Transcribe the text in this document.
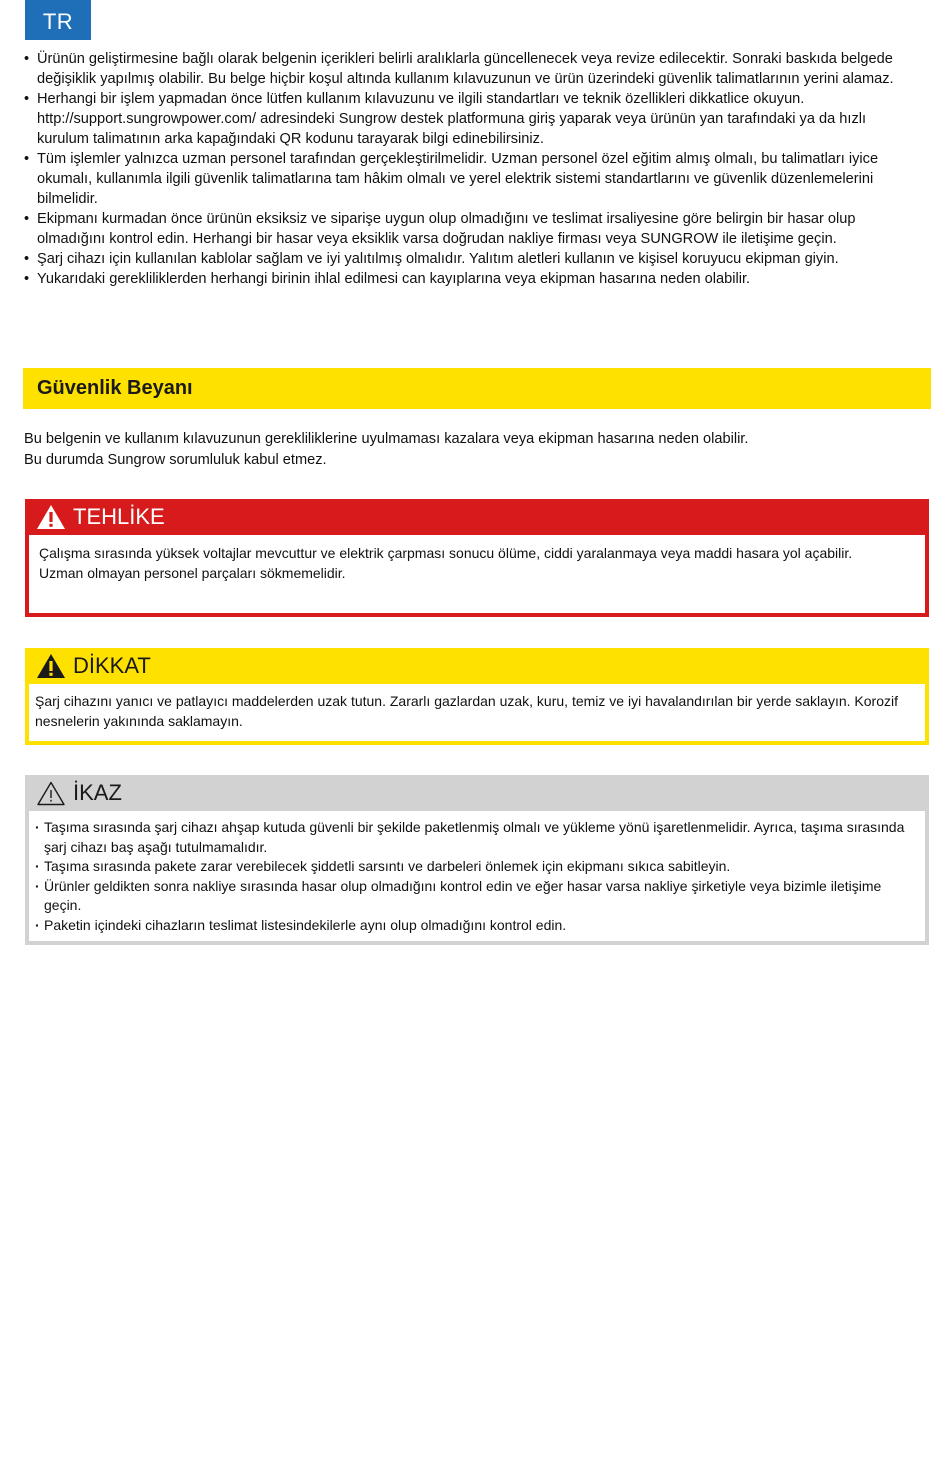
TR
• Ürünün geliştirmesine bağlı olarak belgenin içerikleri belirli aralıklarla güncellenecek veya revize edilecektir. Sonraki baskıda belgede değişiklik yapılmış olabilir. Bu belge hiçbir koşul altında kullanım kılavuzunun ve ürün üzerindeki güvenlik talimatlarının yerini alamaz.
• Herhangi bir işlem yapmadan önce lütfen kullanım kılavuzunu ve ilgili standartları ve teknik özellikleri dikkatlice okuyun. http://support.sungrowpower.com/ adresindeki Sungrow destek platformuna giriş yaparak veya ürünün yan tarafındaki ya da hızlı kurulum talimatının arka kapağındaki QR kodunu tarayarak bilgi edinebilirsiniz.
• Tüm işlemler yalnızca uzman personel tarafından gerçekleştirilmelidir. Uzman personel özel eğitim almış olmalı, bu talimatları iyice okumalı, kullanımla ilgili güvenlik talimatlarına tam hâkim olmalı ve yerel elektrik sistemi standartlarını ve güvenlik düzenlemelerini bilmelidir.
• Ekipmanı kurmadan önce ürünün eksiksiz ve siparişe uygun olup olmadığını ve teslimat irsaliyesine göre belirgin bir hasar olup olmadığını kontrol edin. Herhangi bir hasar veya eksiklik varsa doğrudan nakliye firması veya SUNGROW ile iletişime geçin.
• Şarj cihazı için kullanılan kablolar sağlam ve iyi yalıtılmış olmalıdır. Yalıtım aletleri kullanın ve kişisel koruyucu ekipman giyin.
• Yukarıdaki gerekliliklerden herhangi birinin ihlal edilmesi can kayıplarına veya ekipman hasarına neden olabilir.
Güvenlik Beyanı
Bu belgenin ve kullanım kılavuzunun gerekliliklerine uyulmaması kazalara veya ekipman hasarına neden olabilir.
Bu durumda Sungrow sorumluluk kabul etmez.
TEHLİKE
Çalışma sırasında yüksek voltajlar mevcuttur ve elektrik çarpması sonucu ölüme, ciddi yaralanmaya veya maddi hasara yol açabilir.
Uzman olmayan personel parçaları sökmemelidir.
DİKKAT
Şarj cihazını yanıcı ve patlayıcı maddelerden uzak tutun. Zararlı gazlardan uzak, kuru, temiz ve iyi havalandırılan bir yerde saklayın. Korozif nesnelerin yakınında saklamayın.
İKAZ
· Taşıma sırasında şarj cihazı ahşap kutuda güvenli bir şekilde paketlenmiş olmalı ve yükleme yönü işaretlenmelidir. Ayrıca, taşıma sırasında şarj cihazı baş aşağı tutulmamalıdır.
· Taşıma sırasında pakete zarar verebilecek şiddetli sarsıntı ve darbeleri önlemek için ekipmanı sıkıca sabitleyin.
· Ürünler geldikten sonra nakliye sırasında hasar olup olmadığını kontrol edin ve eğer hasar varsa nakliye şirketiyle veya bizimle iletişime geçin.
· Paketin içindeki cihazların teslimat listesindekilerle aynı olup olmadığını kontrol edin.
